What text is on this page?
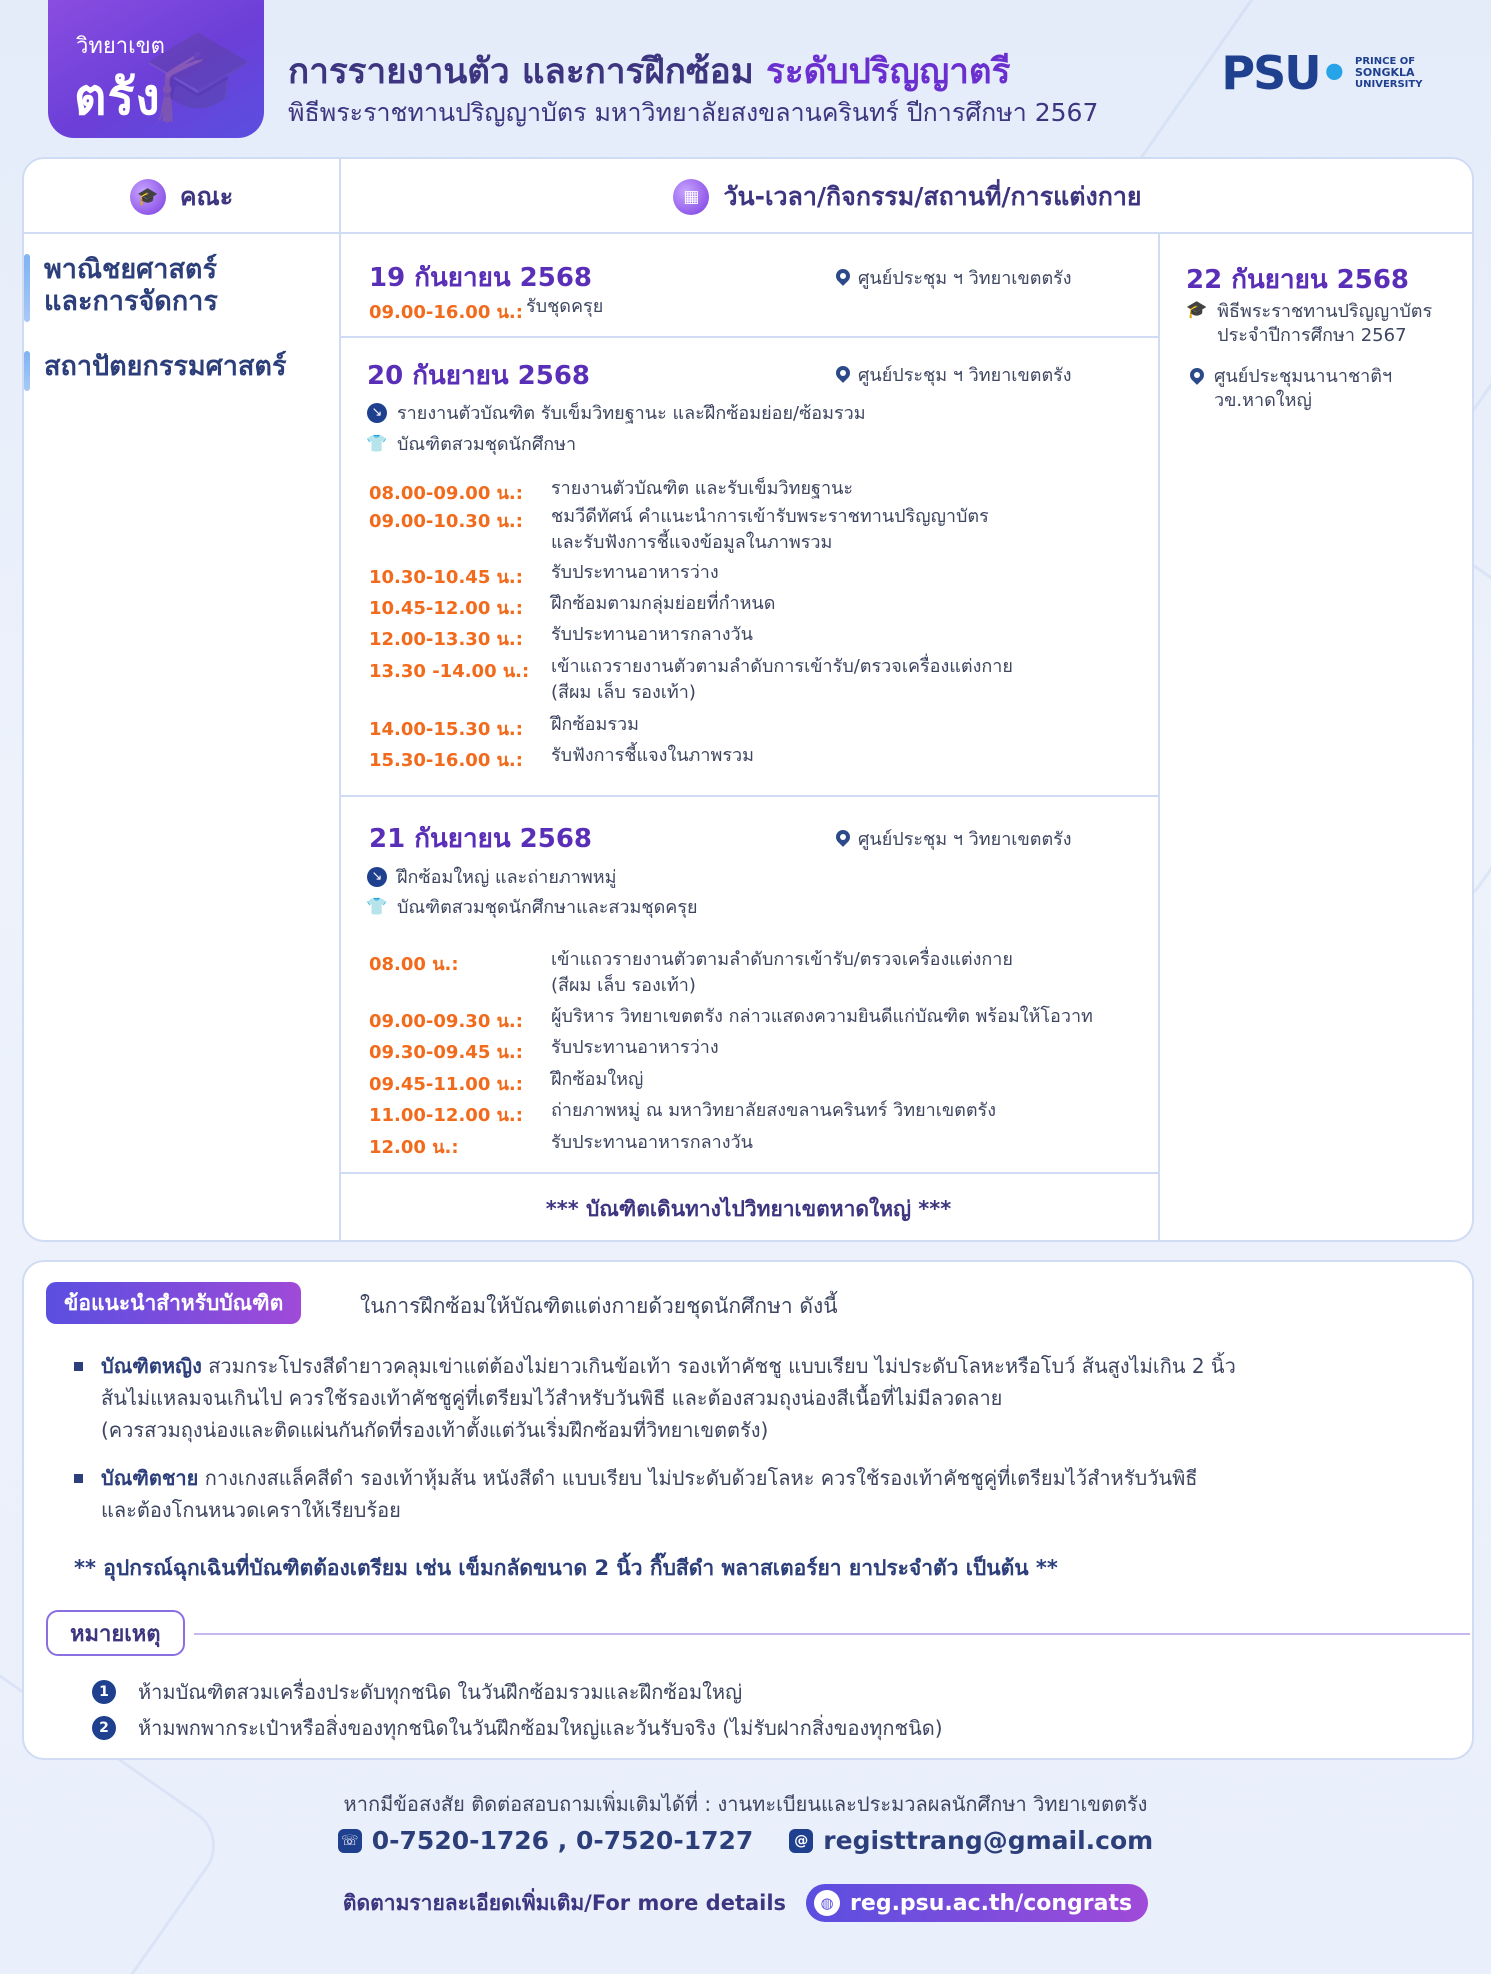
🎓
วิทยาเขต
ตรัง	การรายงานตัว และการฝึกซ้อม ระดับปริญญาตรี
พิธีพระราชทานปริญญาบัตร มหาวิทยาลัยสงขลานครินทร์ ปีการศึกษา 2567
PSU• PRINCE OF
SONGKLA
UNIVERSITY
🎓 คณะ	▦ วัน-เวลา/กิจกรรม/สถานที่/การแต่งกาย
พาณิชยศาสตร์
และการจัดการ
สถาปัตยกรรมศาสตร์
19 กันยายน 2568	ศูนย์ประชุม ฯ วิทยาเขตตรัง
09.00-16.00 น.: รับชุดครุย
20 กันยายน 2568	ศูนย์ประชุม ฯ วิทยาเขตตรัง
↘ รายงานตัวบัณฑิต รับเข็มวิทยฐานะ และฝึกซ้อมย่อย/ซ้อมรวม
👕 บัณฑิตสวมชุดนักศึกษา
08.00-09.00 น.: รายงานตัวบัณฑิต และรับเข็มวิทยฐานะ
09.00-10.30 น.: ชมวีดีทัศน์ คำแนะนำการเข้ารับพระราชทานปริญญาบัตร
และรับฟังการชี้แจงข้อมูลในภาพรวม
10.30-10.45 น.: รับประทานอาหารว่าง
10.45-12.00 น.: ฝึกซ้อมตามกลุ่มย่อยที่กำหนด
12.00-13.30 น.: รับประทานอาหารกลางวัน
13.30 -14.00 น.: เข้าแถวรายงานตัวตามลำดับการเข้ารับ/ตรวจเครื่องแต่งกาย
(สีผม เล็บ รองเท้า)
14.00-15.30 น.: ฝึกซ้อมรวม
15.30-16.00 น.: รับฟังการชี้แจงในภาพรวม
21 กันยายน 2568	ศูนย์ประชุม ฯ วิทยาเขตตรัง
↘ ฝึกซ้อมใหญ่ และถ่ายภาพหมู่
👕 บัณฑิตสวมชุดนักศึกษาและสวมชุดครุย
08.00 น.:	เข้าแถวรายงานตัวตามลำดับการเข้ารับ/ตรวจเครื่องแต่งกาย
(สีผม เล็บ รองเท้า)
09.00-09.30 น.: ผู้บริหาร วิทยาเขตตรัง กล่าวแสดงความยินดีแก่บัณฑิต พร้อมให้โอวาท
09.30-09.45 น.: รับประทานอาหารว่าง
09.45-11.00 น.: ฝึกซ้อมใหญ่
11.00-12.00 น.: ถ่ายภาพหมู่ ณ มหาวิทยาลัยสงขลานครินทร์ วิทยาเขตตรัง
12.00 น.:	รับประทานอาหารกลางวัน
*** บัณฑิตเดินทางไปวิทยาเขตหาดใหญ่ ***
22 กันยายน 2568
🎓 พิธีพระราชทานปริญญาบัตร
ประจำปีการศึกษา 2567
ศูนย์ประชุมนานาชาติฯ
วข.หาดใหญ่
ข้อแนะนำสำหรับบัณฑิต	ในการฝึกซ้อมให้บัณฑิตแต่งกายด้วยชุดนักศึกษา ดังนี้
บัณฑิตหญิง สวมกระโปรงสีดำยาวคลุมเข่าแต่ต้องไม่ยาวเกินข้อเท้า รองเท้าคัชชู แบบเรียบ ไม่ประดับโลหะหรือโบว์ ส้นสูงไม่เกิน 2 นิ้ว
ส้นไม่แหลมจนเกินไป ควรใช้รองเท้าคัชชูคู่ที่เตรียมไว้สำหรับวันพิธี และต้องสวมถุงน่องสีเนื้อที่ไม่มีลวดลาย
(ควรสวมถุงน่องและติดแผ่นกันกัดที่รองเท้าตั้งแต่วันเริ่มฝึกซ้อมที่วิทยาเขตตรัง)
บัณฑิตชาย กางเกงสแล็คสีดำ รองเท้าหุ้มส้น หนังสีดำ แบบเรียบ ไม่ประดับด้วยโลหะ ควรใช้รองเท้าคัชชูคู่ที่เตรียมไว้สำหรับวันพิธี
และต้องโกนหนวดเคราให้เรียบร้อย
** อุปกรณ์ฉุกเฉินที่บัณฑิตต้องเตรียม เช่น เข็มกลัดขนาด 2 นิ้ว กิ๊บสีดำ พลาสเตอร์ยา ยาประจำตัว เป็นต้น **
หมายเหตุ
1	ห้ามบัณฑิตสวมเครื่องประดับทุกชนิด ในวันฝึกซ้อมรวมและฝึกซ้อมใหญ่
2	ห้ามพกพากระเป๋าหรือสิ่งของทุกชนิดในวันฝึกซ้อมใหญ่และวันรับจริง (ไม่รับฝากสิ่งของทุกชนิด)
หากมีข้อสงสัย ติดต่อสอบถามเพิ่มเติมได้ที่ : งานทะเบียนและประมวลผลนักศึกษา วิทยาเขตตรัง
☏ 0-7520-1726 , 0-7520-1727	@ registtrang@gmail.com
ติดตามรายละเอียดเพิ่มเติม/For more details	◍ reg.psu.ac.th/congrats
